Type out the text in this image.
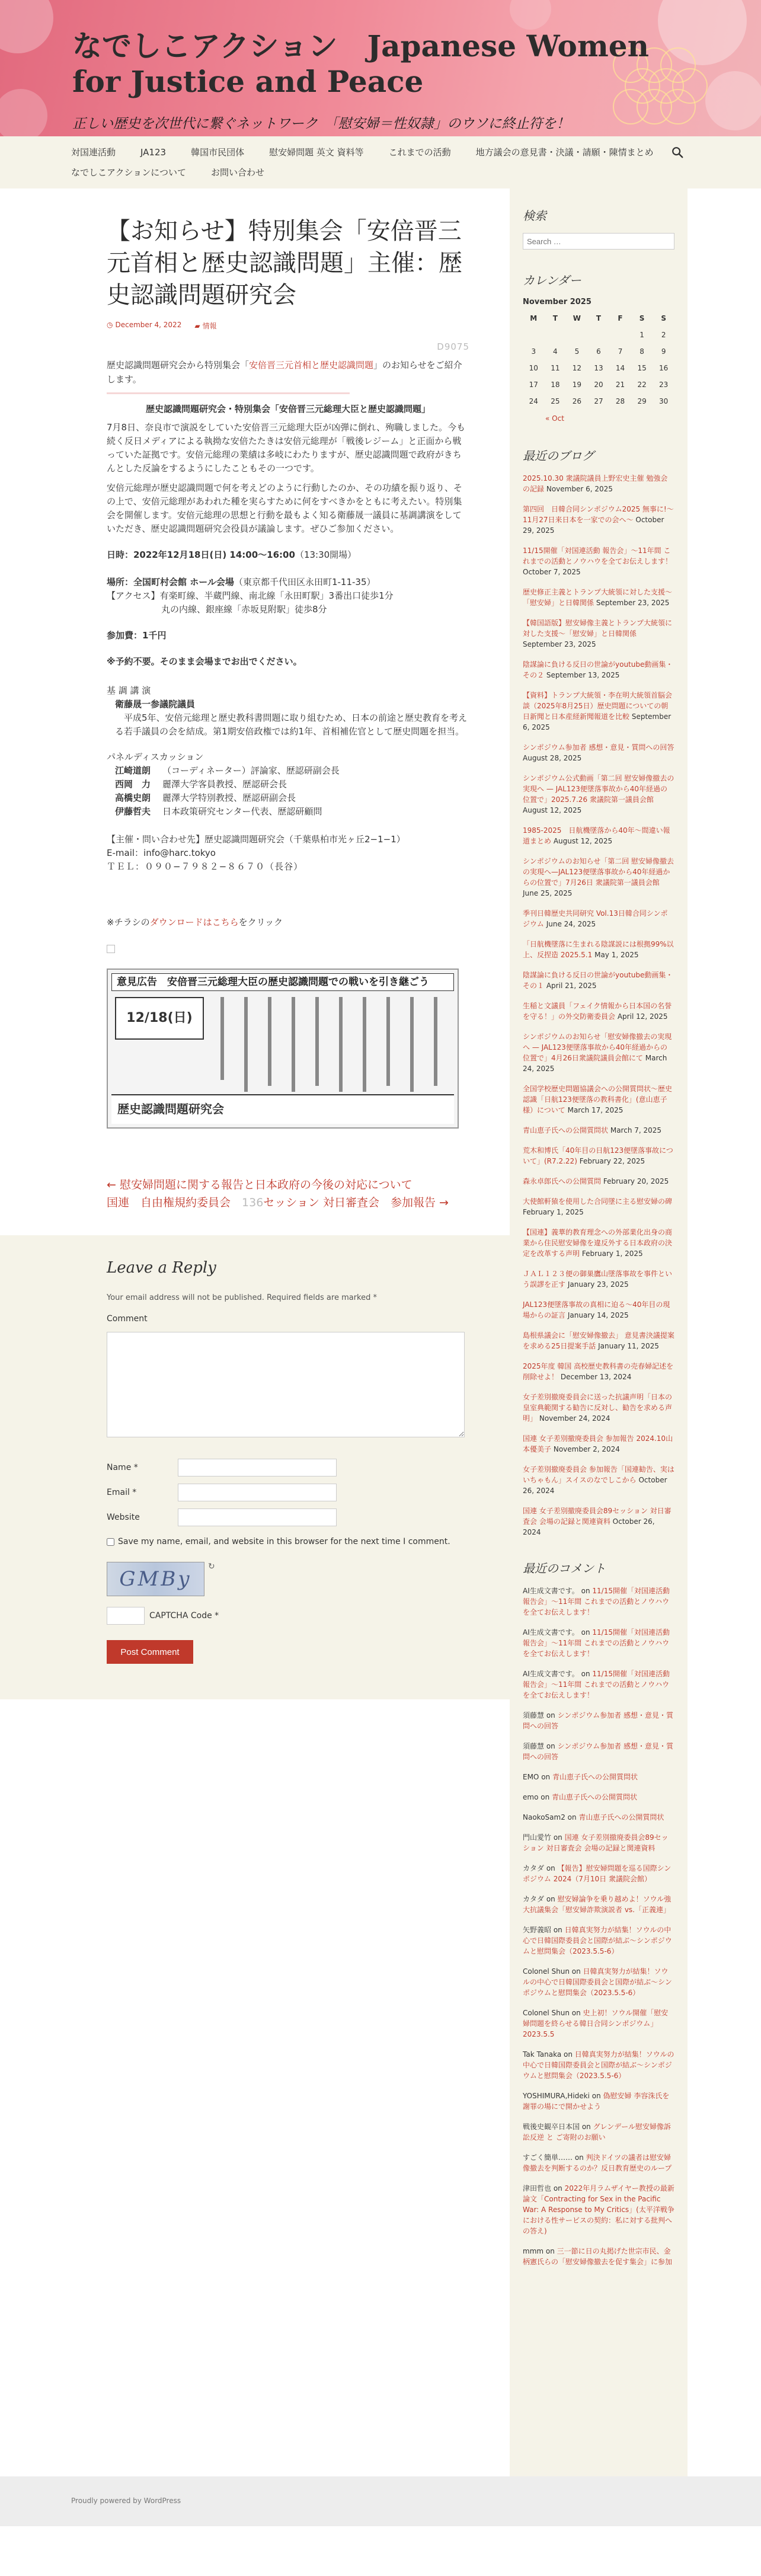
なでしこアクション　Japanese Women for Justice and Peace
正しい歴史を次世代に繋ぐネットワーク　「慰安婦＝性奴隷」のウソに終止符を！
対国連活動	JA123	韓国市民団体	慰安婦問題 英文 資料等	これまでの活動	地方議会の意見書・決議・請願・陳情まとめ
なでしこアクションについて	お問い合わせ
【お知らせ】特別集会「安倍晋三元首相と歴史認識問題」主催：歴史認識問題研究会
◷ December 4, 2022 ▰ 情報
D9075

歴史認識問題研究会から特別集会「安倍晋三元首相と歴史認識問題」のお知らせをご紹介します。

歴史認識問題研究会・特別集会「安倍晋三元総理大臣と歴史認識問題」

7月8日、奈良市で演説をしていた安倍晋三元総理大臣が凶弾に倒れ、殉職しました。今も続く反日メディアによる執拗な安倍たたきは安倍元総理が「戦後レジーム」と正面から戦っていた証拠です。安倍元総理の業績は多岐にわたりますが、歴史認識問題で政府がきちんとした反論をするようにしたこともその一つです。

安倍元総理が歴史認識問題で何を考えどのように行動したのか、その功績を振り返り、その上で、安倍元総理があわれた種を実らすために何をすべきかをともに考えたい。特別集会を開催します。安倍元総理の思想と行動を最もよく知る衛藤晟一議員に基調講演をしていただき、歴史認識問題研究会役員が議論します。ぜひご参加ください。

日時：2022年12月18日(日) 14:00〜16:00（13:30開場）

場所：全国町村会館 ホール会場（東京都千代田区永田町1-11-35）

【アクセス】有楽町線、半蔵門線、南北線「永田町駅」3番出口徒歩1分
丸の内線、銀座線「赤坂見附駅」徒歩8分

参加費：1千円

※予約不要。そのまま会場までお出でください。

基 調 講 演
衛藤晟一参議院議員
平成5年、安倍元総理と歴史教科書問題に取り組むため、日本の前途と歴史教育を考える若手議員の会を結成。第1期安倍政権では約1年、首相補佐官として歴史問題を担当。
パネルディスカッション
江崎道朗	（コーディネーター）評論家、歴認研副会長
西岡　力	麗澤大学客員教授、歴認研会長
高橋史朗	麗澤大学特別教授、歴認研副会長
伊藤哲夫	日本政策研究センター代表、歴認研顧問
【主催・問い合わせ先】歴史認識問題研究会（千葉県柏市光ヶ丘2−1−1）
E-mail：info@harc.tokyo
ＴＥＬ：０９０−７９８２−８６７０（長谷）

※チラシのダウンロードはこちらをクリック

意見広告　安倍晋三元総理大臣の歴史認識問題での戦いを引き継ごう
12/18(日)
歴史認識問題研究会
← 慰安婦問題に関する報告と日本政府の今後の対応について
国連　自由権規約委員会　 136セッション 対日審査会　参加報告 →
Leave a Reply
Your email address will not be published. Required fields are marked *
Comment
Name *
Email *
Website
Save my name, email, and website in this browser for the next time I comment.
GMBy
↻
CAPTCHA Code *
Post Comment
検索
Search …
カレンダー
November 2025
M	T	W	T	F	S	S
					1	2
3	4	5	6	7	8	9
10	11	12	13	14	15	16
17	18	19	20	21	22	23
24	25	26	27	28	29	30
« Oct
最近のブログ
2025.10.30 衆議院議員上野宏史主催 勉強会の記録 November 6, 2025
第四回　日韓合同シンポジウム2025 無事に!〜11月27日来日本を一家での会へ〜 October 29, 2025
11/15開催「対国連活動 報告会」〜11年間 これまでの活動とノウハウを全てお伝えします！ October 7, 2025
歴史修正主義とトランプ大統領に対した支援〜「慰安婦」と日韓関係 September 23, 2025
【韓国語版】慰安婦像主義とトランプ大統領に対した支援〜「慰安婦」と日韓関係 September 23, 2025
陰謀論に負ける反日の世論がyoutube動画集・その２ September 13, 2025
【資料】トランプ大統領・李在明大統領首脳会談（2025年8月25日）歴史問題についての朝日新聞と日本産経新聞報道を比較 September 6, 2025
シンポジウム参加者 感想・意見・質問への回答 August 28, 2025
シンポジウム公式動画「第二回 慰安婦像撤去の実現へ — JAL123便墜落事故から40年経過の位置で」2025.7.26 衆議院第一議員会館 August 12, 2025
1985-2025　日航機墜落から40年〜間違い報道まとめ August 12, 2025
シンポジウムのお知らせ「第二回 慰安婦像撤去の実現へ—JAL123便墜落事故から40年経過からの位置で」7月26日 衆議院第一議員会館 June 25, 2025
季刊日韓歴史共同研究 Vol.13日韓合同シンポジウム June 24, 2025
「日航機墜落に生まれる陰謀説には根拠99%以上、反捏造 2025.5.1 May 1, 2025
陰謀論に負ける反日の世論がyoutube動画集・その１ April 21, 2025
生稲と文議員「フェイク情報から日本国の名誉を守る！」の外交防衛委員会 April 12, 2025
シンポジウムのお知らせ「慰安婦像撤去の実現へ — JAL123便墜落事故から40年経過からの位置で」4月26日衆議院議員会館にて March 24, 2025
全国学校歴史問題協議会への公開質問状〜歴史認識「日航123便墜落の教科書化」(意山恵子様）について March 17, 2025
青山恵子氏への公開質問状 March 7, 2025
荒木和博氏「40年目の日航123便墜落事故について」(R7.2.22) February 22, 2025
森永卓郎氏への公開質問 February 20, 2025
大使館軒猿を使用した合同墜に主る慰安婦の碑 February 1, 2025
【国連】義華的教育理念への外部業化出身の商業から住民慰安婦像を違反外する日本政府の決定を改革する声明 February 1, 2025
ＪＡＬ１２３便の御巣鷹山墜落事故を事件という誤謬を正す January 23, 2025
JAL123便墜落事故の真相に迫る〜40年目の現場からの証言 January 14, 2025
島根県議会に「慰安婦像撤去」 意見書決議提案を求める25日提案手話 January 11, 2025
2025年度 韓国 高校歴史教科書の売春婦記述を削除せよ！ December 13, 2024
女子差別撤廃委員会に送った抗議声明「日本の皇室典範関する勧告に反対し、勧告を求める声明」 November 24, 2024
国連 女子差別撤廃委員会 参加報告 2024.10山本優美子 November 2, 2024
女子差別撤廃委員会 参加報告「国連勧告、実はいちゃもん」スイスのなでしこから October 26, 2024
国連 女子差別撤廃委員会89セッション 対日審査会 会場の記録と関連資料 October 26, 2024
最近のコメント
AI生成文書です。 on 11/15開催「対国連活動 報告会」〜11年間 これまでの活動とノウハウを全てお伝えします！
AI生成文書です。 on 11/15開催「対国連活動 報告会」〜11年間 これまでの活動とノウハウを全てお伝えします！
AI生成文書です。 on 11/15開催「対国連活動 報告会」〜11年間 これまでの活動とノウハウを全てお伝えします！
須藤慧 on シンポジウム参加者 感想・意見・質問への回答
須藤慧 on シンポジウム参加者 感想・意見・質問への回答
EMO on 青山恵子氏への公開質問状
emo on 青山恵子氏への公開質問状
NaokoSam2 on 青山恵子氏への公開質問状
門山愛竹 on 国連 女子差別撤廃委員会89セッション 対日審査会 会場の記録と関連資料
カタダ on 【報告】慰安婦問題を巡る国際シンポジウム 2024（7月10日 衆議院会館）
カタダ on 慰安婦論争を乗り越めよ！ソウル強大抗議集会「慰安婦詐欺演説者 vs.「正義連」
矢野義昭 on 日韓真実努力が結集！ソウルの中心で日韓国際委員会と国際が結ぶ〜シンポジウムと慰問集会（2023.5.5-6）
Colonel Shun on 日韓真実努力が結集！ソウルの中心で日韓国際委員会と国際が結ぶ〜シンポジウムと慰問集会（2023.5.5-6）
Colonel Shun on 史上初！ソウル開催「慰安婦問題を終らせる韓日合同シンポジウム」2023.5.5
Tak Tanaka on 日韓真実努力が結集！ソウルの中心で日韓国際委員会と国際が結ぶ〜シンポジウムと慰問集会（2023.5.5-6）
YOSHIMURA,Hideki on 偽慰安婦 李容洙氏を謝罪の場にで開かせよう
戦後史観卒日本国 on グレンデール慰安婦像訴訟反逆 と ご寄附のお願い
すごく簡単…… on 判決ドイツの議者は慰安婦像撤去を判断するのか？反日教育歴史のループ
津田哲也 on 2022年月ラムザイヤー教授の最新論文「Contracting for Sex in the Pacific War: A Response to My Critics」(太平洋戦争における性サービスの契約：私に対する批判への答え)
mmm on 三一節に日の丸掲げた世宗市民、金柄憲氏らの「慰安婦像撤去を促す集会」に参加
Proudly powered by WordPress
